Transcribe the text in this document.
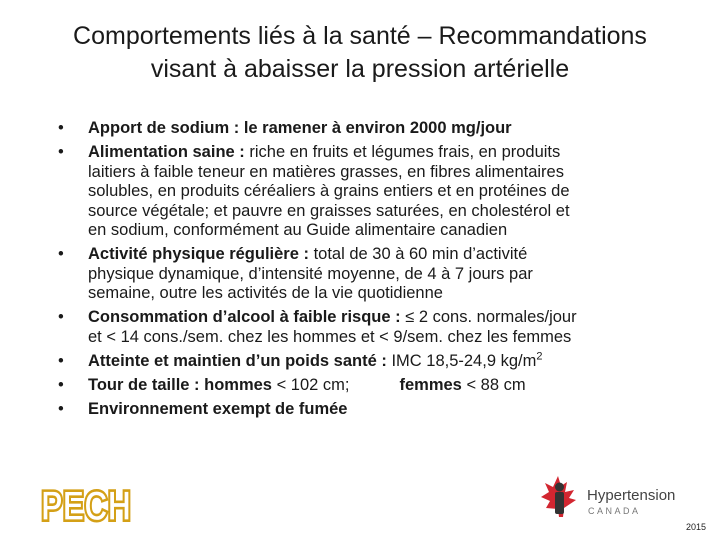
Comportements liés à la santé – Recommandations
visant à abaisser la pression artérielle
•	Apport de sodium : le ramener à environ 2000 mg/jour
•	Alimentation saine : riche en fruits et légumes frais, en produits
laitiers à faible teneur en matières grasses, en fibres alimentaires
solubles, en produits céréaliers à grains entiers et en protéines de
source végétale; et pauvre en graisses saturées, en cholestérol et
en sodium, conformément au Guide alimentaire canadien
•	Activité physique régulière : total de 30 à 60 min d’activité
physique dynamique, d’intensité moyenne, de 4 à 7 jours par
semaine, outre les activités de la vie quotidienne
•	Consommation d’alcool à faible risque : ≤ 2 cons. normales/jour
et < 14 cons./sem. chez les hommes et < 9/sem. chez les femmes
•	Atteinte et maintien d’un poids santé : IMC 18,5-24,9 $kg/m^2$
•	Tour de taille : hommes < 102 cm;	femmes < 88 cm
•	Environnement exempt de fumée
PECH
PECH	Hypertension
CANADA
2015
